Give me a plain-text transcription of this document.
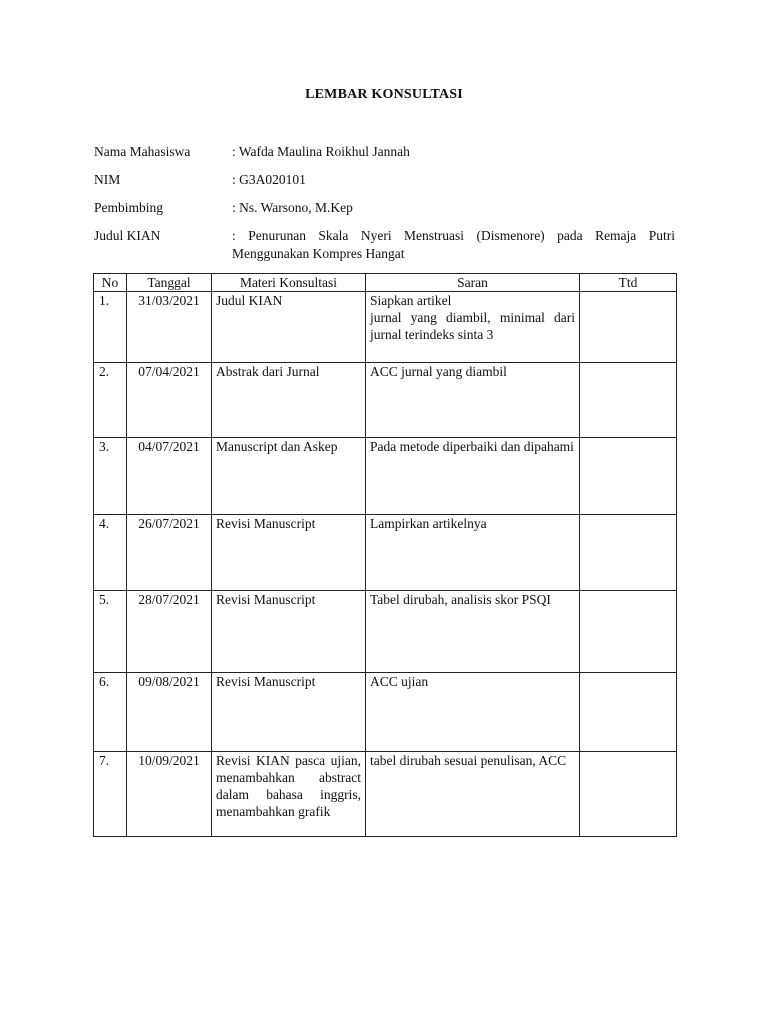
LEMBAR KONSULTASI
Nama Mahasiswa	: Wafda Maulina Roikhul Jannah
NIM	: G3A020101
Pembimbing	: Ns. Warsono, M.Kep
Judul KIAN	: Penurunan Skala Nyeri Menstruasi (Dismenore) pada Remaja Putri Menggunakan Kompres Hangat
No	Tanggal	Materi Konsultasi	Saran	Ttd
1.	31/03/2021	Judul KIAN	Siapkan artikel
jurnal yang diambil, minimal dari jurnal terindeks sinta 3	

2.	07/04/2021	Abstrak dari Jurnal	ACC jurnal yang diambil	
3.	04/07/2021	Manuscript dan Askep	Pada metode diperbaiki dan dipahami	
4.	26/07/2021	Revisi Manuscript	Lampirkan artikelnya	
5.	28/07/2021	Revisi Manuscript	Tabel dirubah, analisis skor PSQI	
6.	09/08/2021	Revisi Manuscript	ACC ujian	
7.	10/09/2021	Revisi KIAN pasca ujian, menambahkan abstract dalam bahasa inggris, menambahkan grafik	tabel dirubah sesuai penulisan, ACC	
